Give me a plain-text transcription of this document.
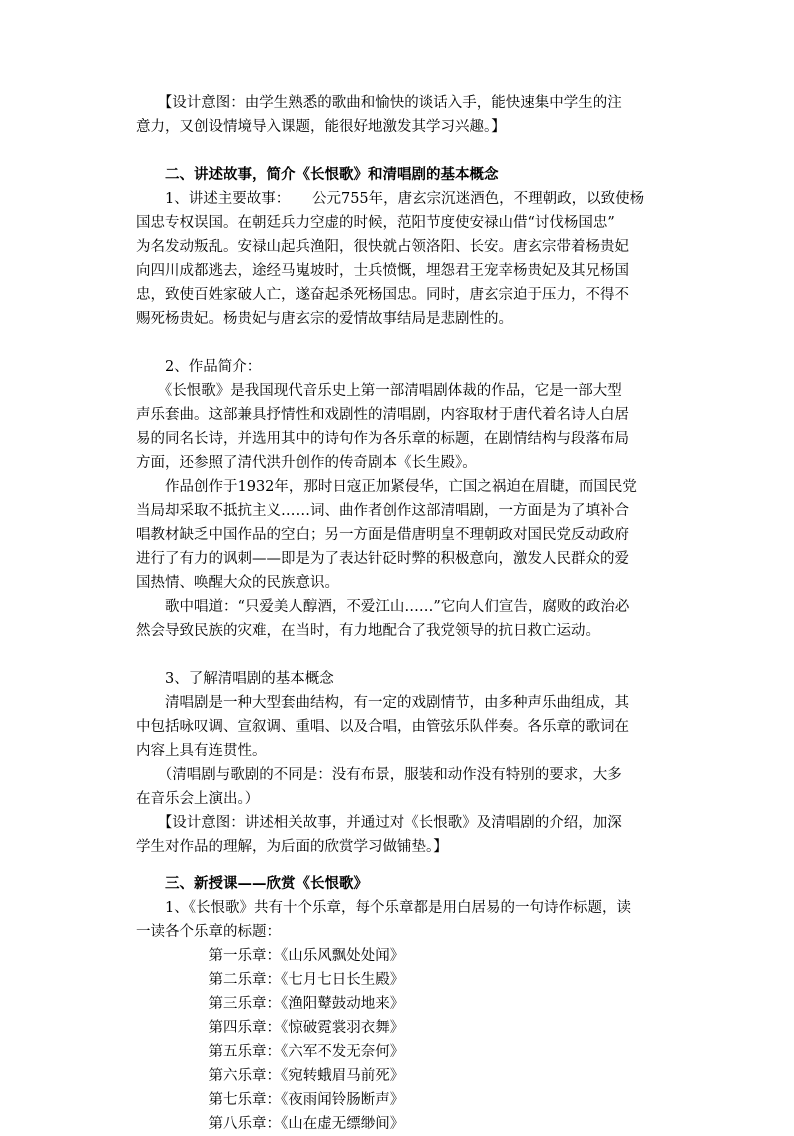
　　【设计意图：由学生熟悉的歌曲和愉快的谈话入手，能快速集中学生的注
意力，又创设情境导入课题，能很好地激发其学习兴趣。】
　　二、讲述故事，简介《长恨歌》和清唱剧的基本概念
　　1、讲述主要故事：　　公元755年，唐玄宗沉迷酒色，不理朝政，以致使杨
国忠专权误国。在朝廷兵力空虚的时候，范阳节度使安禄山借“讨伐杨国忠”
为名发动叛乱。安禄山起兵渔阳，很快就占领洛阳、长安。唐玄宗带着杨贵妃
向四川成都逃去，途经马嵬坡时，士兵愤慨，埋怨君王宠幸杨贵妃及其兄杨国
忠，致使百姓家破人亡，遂奋起杀死杨国忠。同时，唐玄宗迫于压力，不得不
赐死杨贵妃。杨贵妃与唐玄宗的爱情故事结局是悲剧性的。
　　2、作品简介：
　　《长恨歌》是我国现代音乐史上第一部清唱剧体裁的作品，它是一部大型
声乐套曲。这部兼具抒情性和戏剧性的清唱剧，内容取材于唐代着名诗人白居
易的同名长诗，并选用其中的诗句作为各乐章的标题，在剧情结构与段落布局
方面，还参照了清代洪升创作的传奇剧本《长生殿》。
　　作品创作于1932年，那时日寇正加紧侵华，亡国之祸迫在眉睫，而国民党
当局却采取不抵抗主义……词、曲作者创作这部清唱剧，一方面是为了填补合
唱教材缺乏中国作品的空白；另一方面是借唐明皇不理朝政对国民党反动政府
进行了有力的讽刺——即是为了表达针砭时弊的积极意向，激发人民群众的爱
国热情、唤醒大众的民族意识。
　　歌中唱道：“只爱美人醇酒，不爱江山……”它向人们宣告，腐败的政治必
然会导致民族的灾难，在当时，有力地配合了我党领导的抗日救亡运动。
　　3、了解清唱剧的基本概念
　　清唱剧是一种大型套曲结构，有一定的戏剧情节，由多种声乐曲组成，其
中包括咏叹调、宣叙调、重唱、以及合唱，由管弦乐队伴奏。各乐章的歌词在
内容上具有连贯性。
　　（清唱剧与歌剧的不同是：没有布景，服装和动作没有特别的要求，大多
在音乐会上演出。）
　　【设计意图：讲述相关故事，并通过对《长恨歌》及清唱剧的介绍，加深
学生对作品的理解，为后面的欣赏学习做铺垫。】
　　三、新授课——欣赏《长恨歌》
　　1、《长恨歌》共有十个乐章，每个乐章都是用白居易的一句诗作标题，读
一读各个乐章的标题：
　　　　　第一乐章：《山乐风飘处处闻》
　　　　　第二乐章：《七月七日长生殿》
　　　　　第三乐章：《渔阳鼙鼓动地来》
　　　　　第四乐章：《惊破霓裳羽衣舞》
　　　　　第五乐章：《六军不发无奈何》
　　　　　第六乐章：《宛转蛾眉马前死》
　　　　　第七乐章：《夜雨闻铃肠断声》
　　　　　第八乐章：《山在虚无缥缈间》
